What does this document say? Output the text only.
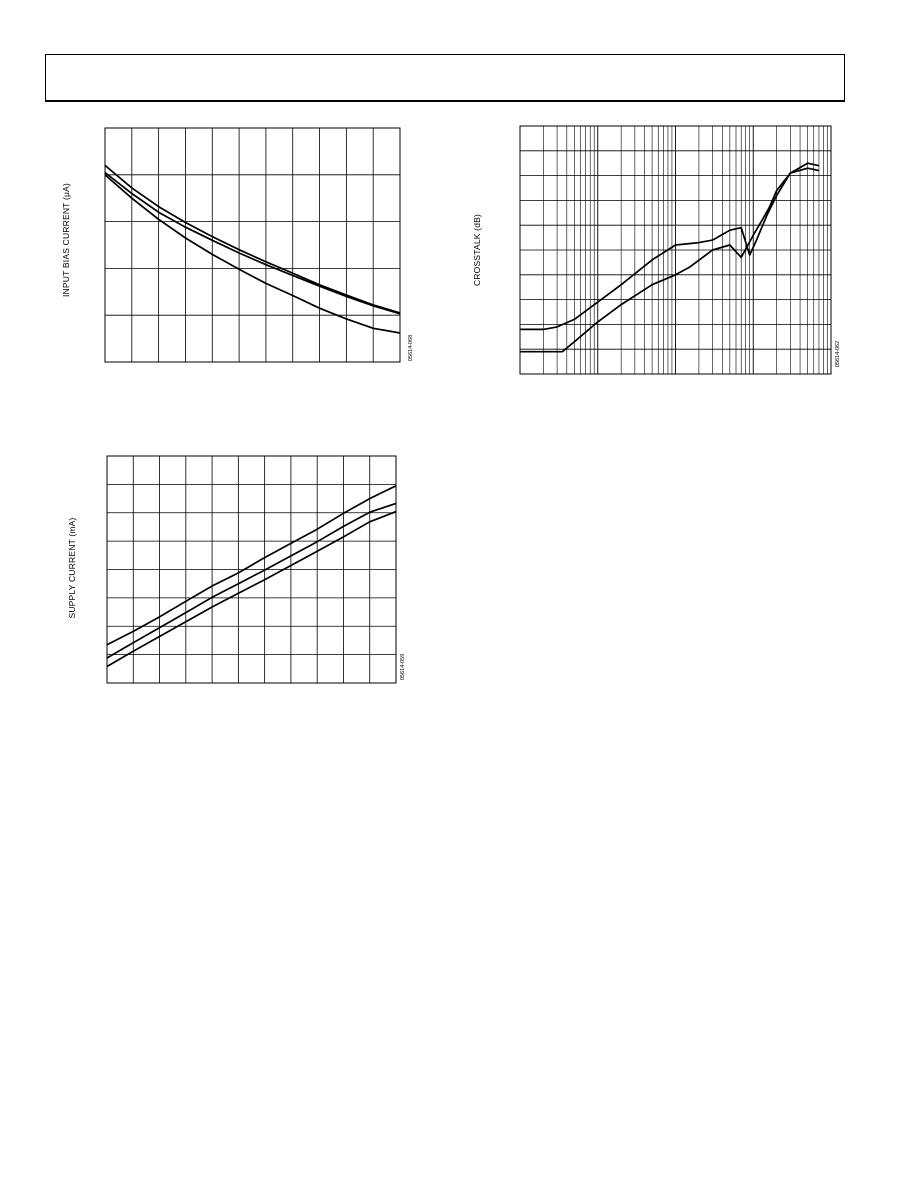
INPUT BIAS CURRENT (μA)
05614-068
CROSSTALK (dB)
05614-062
SUPPLY CURRENT (mA)
05614-059
